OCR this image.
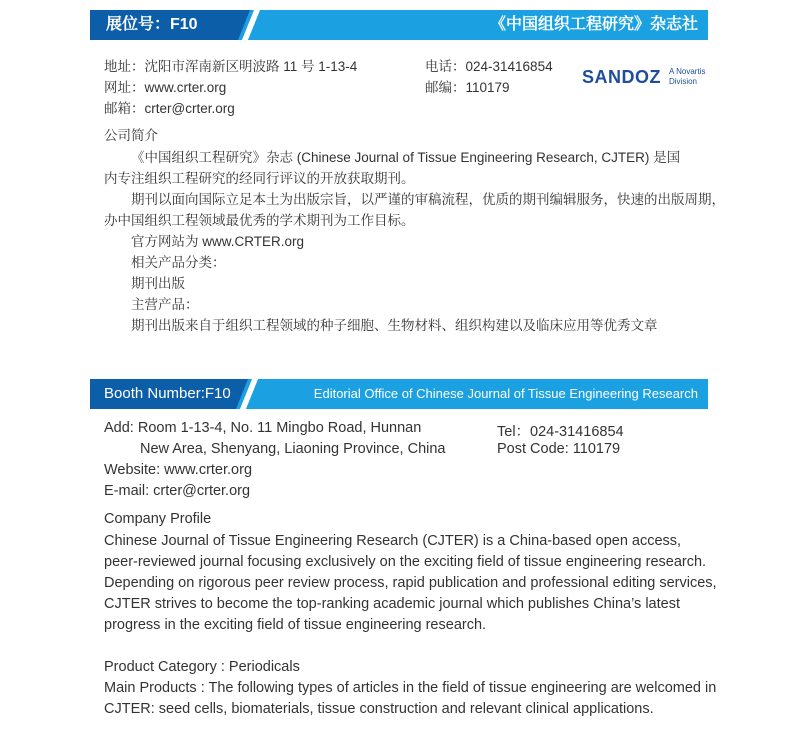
展位号：F10	《中国组织工程研究》杂志社
地址：沈阳市浑南新区明波路 11 号 1-13-4
网址：www.crter.org
邮箱：crter@crter.org
电话：024-31416854
邮编：110179
SANDOZ A Novartis
Division
公司简介
《中国组织工程研究》杂志 (Chinese Journal of Tissue Engineering Research, CJTER) 是国
内专注组织工程研究的经同行评议的开放获取期刊。
期刊以面向国际立足本土为出版宗旨，以严谨的审稿流程，优质的期刊编辑服务，快速的出版周期，
办中国组织工程领域最优秀的学术期刊为工作目标。
官方网站为 www.CRTER.org
相关产品分类：
期刊出版
主营产品：
期刊出版来自于组织工程领域的种子细胞、生物材料、组织构建以及临床应用等优秀文章
Booth Number:F10	Editorial Office of Chinese Journal of Tissue Engineering Research
Add: Room 1-13-4, No. 11 Mingbo Road, Hunnan
New Area, Shenyang, Liaoning Province, China
Website: www.crter.org
E-mail: crter@crter.org
Tel：024-31416854
Post Code: 110179
Company Profile
Chinese Journal of Tissue Engineering Research (CJTER) is a China-based open access,
peer-reviewed journal focusing exclusively on the exciting field of tissue engineering research.
Depending on rigorous peer review process, rapid publication and professional editing services,
CJTER strives to become the top-ranking academic journal which publishes China’s latest
progress in the exciting field of tissue engineering research.
Product Category : Periodicals
Main Products : The following types of articles in the field of tissue engineering are welcomed in
CJTER: seed cells, biomaterials, tissue construction and relevant clinical applications.
